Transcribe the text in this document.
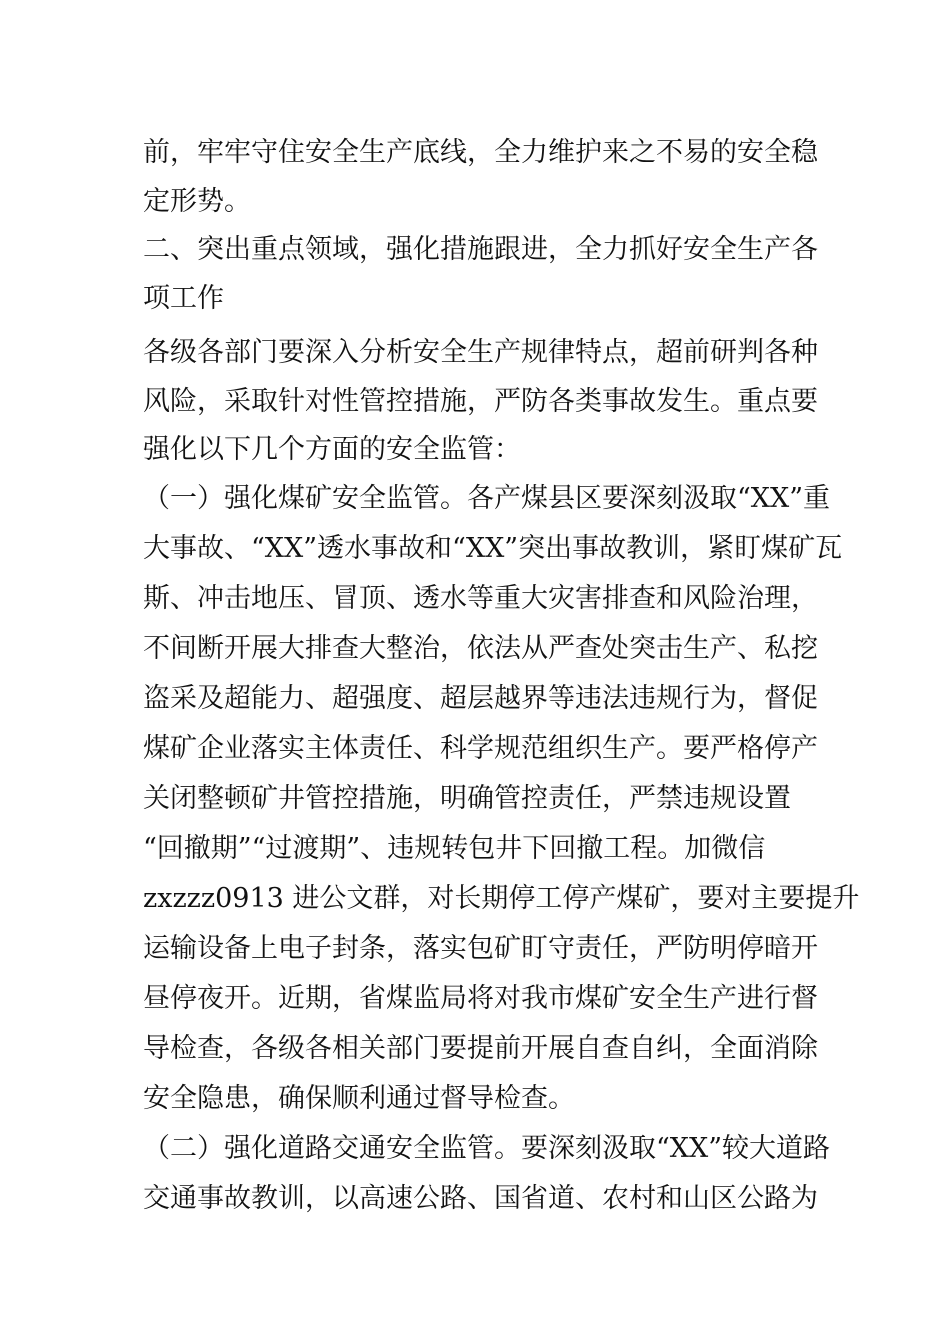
前，牢牢守住安全生产底线，全力维护来之不易的安全稳
定形势。
二、突出重点领域，强化措施跟进，全力抓好安全生产各
项工作
各级各部门要深入分析安全生产规律特点，超前研判各种
风险，采取针对性管控措施，严防各类事故发生。重点要
强化以下几个方面的安全监管：
（一）强化煤矿安全监管。各产煤县区要深刻汲取“XX”重
大事故、“XX”透水事故和“XX”突出事故教训，紧盯煤矿瓦
斯、冲击地压、冒顶、透水等重大灾害排查和风险治理，
不间断开展大排查大整治，依法从严查处突击生产、私挖
盗采及超能力、超强度、超层越界等违法违规行为，督促
煤矿企业落实主体责任、科学规范组织生产。要严格停产
关闭整顿矿井管控措施，明确管控责任，严禁违规设置
“回撤期”“过渡期”、违规转包井下回撤工程。加微信
zxzzz0913 进公文群，对长期停工停产煤矿，要对主要提升
运输设备上电子封条，落实包矿盯守责任，严防明停暗开
昼停夜开。近期，省煤监局将对我市煤矿安全生产进行督
导检查，各级各相关部门要提前开展自查自纠，全面消除
安全隐患，确保顺利通过督导检查。
（二）强化道路交通安全监管。要深刻汲取“XX”较大道路
交通事故教训，以高速公路、国省道、农村和山区公路为
